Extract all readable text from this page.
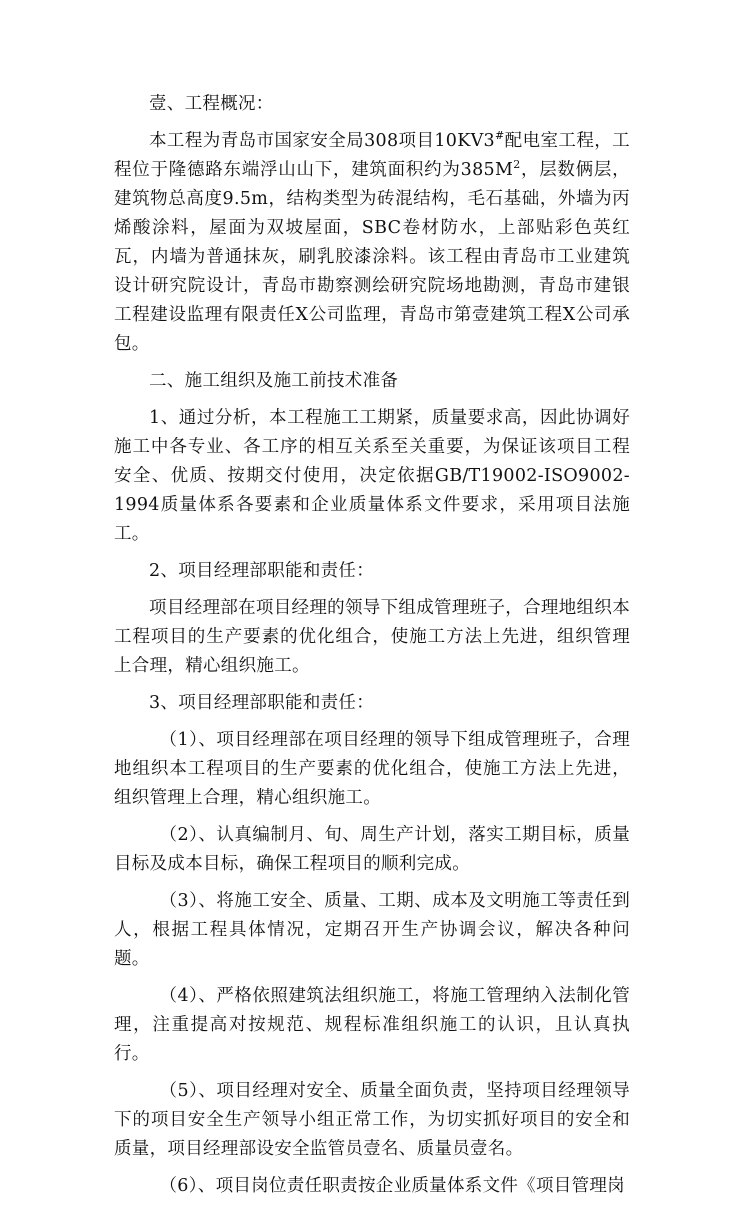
壹、工程概况：

本工程为青岛市国家安全局308项目10KV3#配电室工程，工程位于隆德路东端浮山山下，建筑面积约为$385M^2$，层数俩层，建筑物总高度9.5m，结构类型为砖混结构，毛石基础，外墙为丙烯酸涂料，屋面为双坡屋面，SBC卷材防水，上部贴彩色英红瓦，内墙为普通抹灰，刷乳胶漆涂料。该工程由青岛市工业建筑设计研究院设计，青岛市勘察测绘研究院场地勘测，青岛市建银工程建设监理有限责任X公司监理，青岛市第壹建筑工程X公司承包。

二、施工组织及施工前技术准备

1、通过分析，本工程施工工期紧，质量要求高，因此协调好施工中各专业、各工序的相互关系至关重要，为保证该项目工程安全、优质、按期交付使用，决定依据GB/T19002-ISO9002-1994质量体系各要素和企业质量体系文件要求，采用项目法施工。

2、项目经理部职能和责任：

项目经理部在项目经理的领导下组成管理班子，合理地组织本工程项目的生产要素的优化组合，使施工方法上先进，组织管理上合理，精心组织施工。

3、项目经理部职能和责任：

（1）、项目经理部在项目经理的领导下组成管理班子，合理地组织本工程项目的生产要素的优化组合，使施工方法上先进，组织管理上合理，精心组织施工。

（2）、认真编制月、旬、周生产计划，落实工期目标，质量目标及成本目标，确保工程项目的顺利完成。

（3）、将施工安全、质量、工期、成本及文明施工等责任到人，根据工程具体情况，定期召开生产协调会议，解决各种问题。

（4）、严格依照建筑法组织施工，将施工管理纳入法制化管理，注重提高对按规范、规程标准组织施工的认识，且认真执行。

（5）、项目经理对安全、质量全面负责，坚持项目经理领导下的项目安全生产领导小组正常工作，为切实抓好项目的安全和质量，项目经理部设安全监管员壹名、质量员壹名。

（6）、项目岗位责任职责按企业质量体系文件《项目管理岗
